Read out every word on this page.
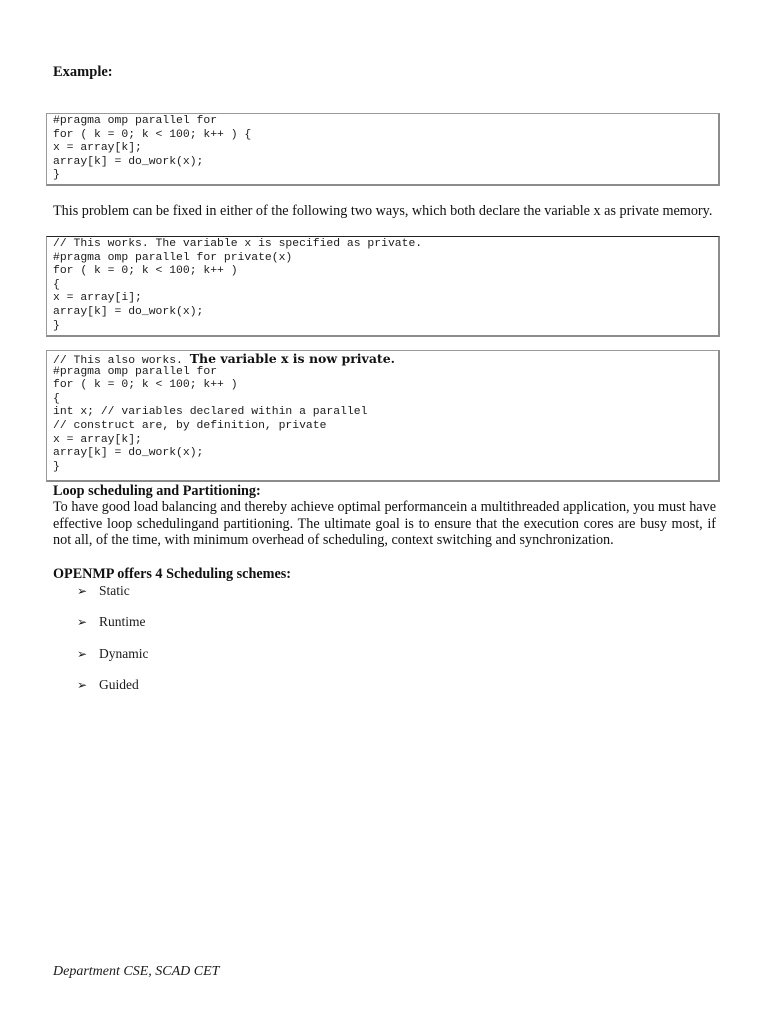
Example:
#pragma omp parallel for
for ( k = 0; k < 100; k++ ) {
x = array[k];
array[k] = do_work(x);
}
This problem can be fixed in either of the following two ways, which both declare the variable x as private memory.
// This works. The variable x is specified as private.
#pragma omp parallel for private(x)
for ( k = 0; k < 100; k++ )
{
x = array[i];
array[k] = do_work(x);
}
// This also works. The variable x is now private.
#pragma omp parallel for
for ( k = 0; k < 100; k++ )
{
int x; // variables declared within a parallel
// construct are, by definition, private
x = array[k];
array[k] = do_work(x);
}
Loop scheduling and Partitioning:
To have good load balancing and thereby achieve optimal performancein a multithreaded application, you must have effective loop schedulingand partitioning. The ultimate goal is to ensure that the execution cores are busy most, if not all, of the time, with minimum overhead of scheduling, context switching and synchronization.
OPENMP offers 4 Scheduling schemes:
➢ Static
➢ Runtime
➢ Dynamic
➢ Guided
Department CSE, SCAD CET
